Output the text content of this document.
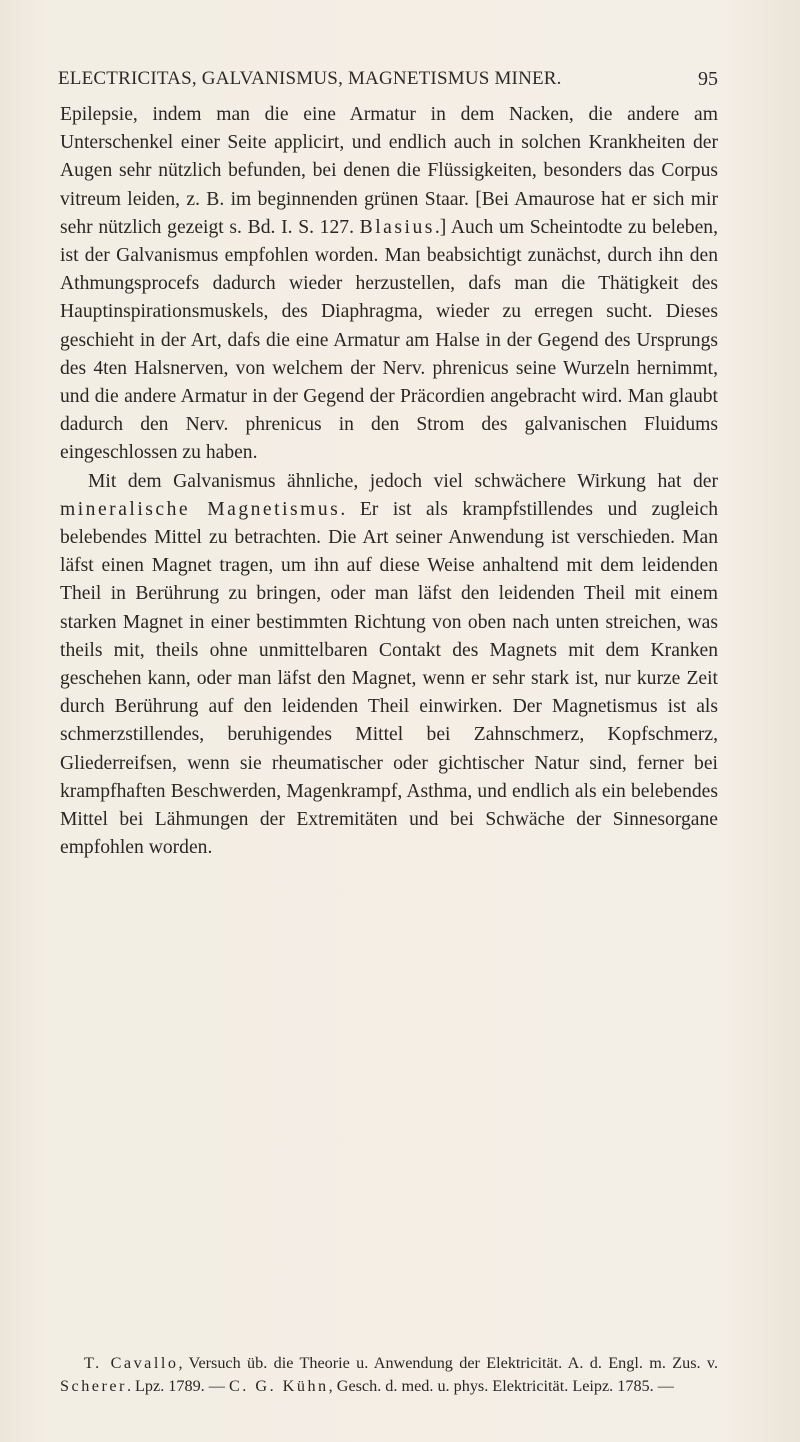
ELECTRICITAS, GALVANISMUS, MAGNETISMUS MINER.	95

Epilepsie, indem man die eine Armatur in dem Nacken, die andere am Unterschenkel einer Seite applicirt, und endlich auch in solchen Krankheiten der Augen sehr nützlich befunden, bei denen die Flüssigkeiten, besonders das Corpus vitreum leiden, z. B. im beginnenden grünen Staar. [Bei Amaurose hat er sich mir sehr nützlich gezeigt s. Bd. I. S. 127. Blasius.] Auch um Scheintodte zu beleben, ist der Galvanismus empfohlen worden. Man beabsichtigt zunächst, durch ihn den Athmungsprocefs dadurch wieder herzustellen, dafs man die Thätigkeit des Hauptinspirationsmuskels, des Diaphragma, wieder zu erregen sucht. Dieses geschieht in der Art, dafs die eine Armatur am Halse in der Gegend des Ursprungs des 4ten Halsnerven, von welchem der Nerv. phrenicus seine Wurzeln hernimmt, und die andere Armatur in der Gegend der Präcordien angebracht wird. Man glaubt dadurch den Nerv. phrenicus in den Strom des galvanischen Fluidums eingeschlossen zu haben.

Mit dem Galvanismus ähnliche, jedoch viel schwächere Wirkung hat der mineralische Magnetismus. Er ist als krampfstillendes und zugleich belebendes Mittel zu betrachten. Die Art seiner Anwendung ist verschieden. Man läfst einen Magnet tragen, um ihn auf diese Weise anhaltend mit dem leidenden Theil in Berührung zu bringen, oder man läfst den leidenden Theil mit einem starken Magnet in einer bestimmten Richtung von oben nach unten streichen, was theils mit, theils ohne unmittelbaren Contakt des Magnets mit dem Kranken geschehen kann, oder man läfst den Magnet, wenn er sehr stark ist, nur kurze Zeit durch Berührung auf den leidenden Theil einwirken. Der Magnetismus ist als schmerzstillendes, beruhigendes Mittel bei Zahnschmerz, Kopfschmerz, Gliederreifsen, wenn sie rheumatischer oder gichtischer Natur sind, ferner bei krampfhaften Beschwerden, Magenkrampf, Asthma, und endlich als ein belebendes Mittel bei Lähmungen der Extremitäten und bei Schwäche der Sinnesorgane empfohlen worden.

T. Cavallo, Versuch üb. die Theorie u. Anwendung der Elektricität. A. d. Engl. m. Zus. v. Scherer. Lpz. 1789. — C. G. Kühn, Gesch. d. med. u. phys. Elektricität. Leipz. 1785. —
